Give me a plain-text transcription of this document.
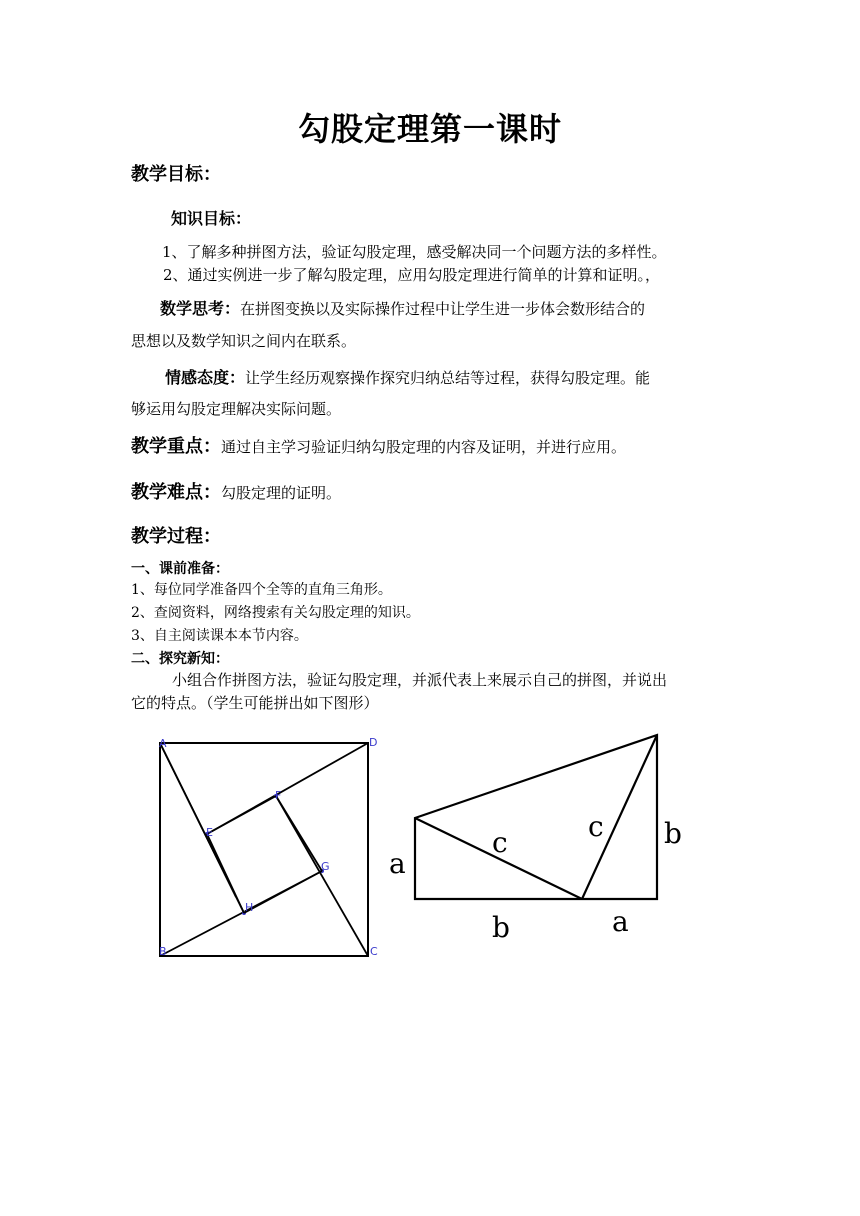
勾股定理第一课时
教学目标：
知识目标：
1、了解多种拼图方法，验证勾股定理，感受解决同一个问题方法的多样性。
2、通过实例进一步了解勾股定理，应用勾股定理进行简单的计算和证明。，
数学思考：在拼图变换以及实际操作过程中让学生进一步体会数形结合的
思想以及数学知识之间内在联系。
情感态度：让学生经历观察操作探究归纳总结等过程，获得勾股定理。能
够运用勾股定理解决实际问题。
教学重点：通过自主学习验证归纳勾股定理的内容及证明，并进行应用。
教学难点：勾股定理的证明。
教学过程：
一、课前准备：
1、每位同学准备四个全等的直角三角形。
2、查阅资料，网络搜索有关勾股定理的知识。
3、自主阅读课本本节内容。
二、探究新知：
小组合作拼图方法，验证勾股定理，并派代表上来展示自己的拼图，并说出
它的特点。（学生可能拼出如下图形）
A	D
B	C
E
F
G
H
a
b	a
b
c	c
